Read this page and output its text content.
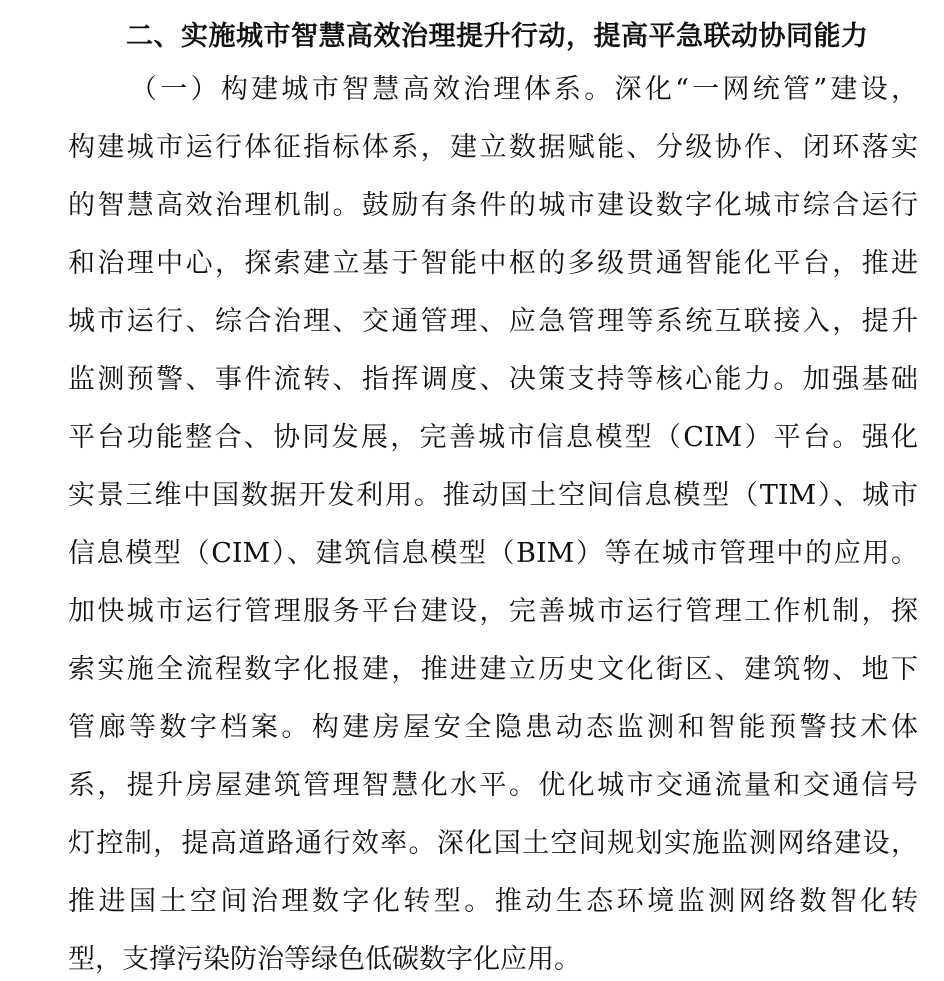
二、实施城市智慧高效治理提升行动，提高平急联动协同能力
（一）构建城市智慧高效治理体系。深化“一网统管”建设，
构建城市运行体征指标体系，建立数据赋能、分级协作、闭环落实
的智慧高效治理机制。鼓励有条件的城市建设数字化城市综合运行
和治理中心，探索建立基于智能中枢的多级贯通智能化平台，推进
城市运行、综合治理、交通管理、应急管理等系统互联接入，提升
监测预警、事件流转、指挥调度、决策支持等核心能力。加强基础
平台功能整合、协同发展，完善城市信息模型（CIM）平台。强化
实景三维中国数据开发利用。推动国土空间信息模型（TIM）、城市
信息模型（CIM）、建筑信息模型（BIM）等在城市管理中的应用。
加快城市运行管理服务平台建设，完善城市运行管理工作机制，探
索实施全流程数字化报建，推进建立历史文化街区、建筑物、地下
管廊等数字档案。构建房屋安全隐患动态监测和智能预警技术体
系，提升房屋建筑管理智慧化水平。优化城市交通流量和交通信号
灯控制，提高道路通行效率。深化国土空间规划实施监测网络建设，
推进国土空间治理数字化转型。推动生态环境监测网络数智化转
型，支撑污染防治等绿色低碳数字化应用。
